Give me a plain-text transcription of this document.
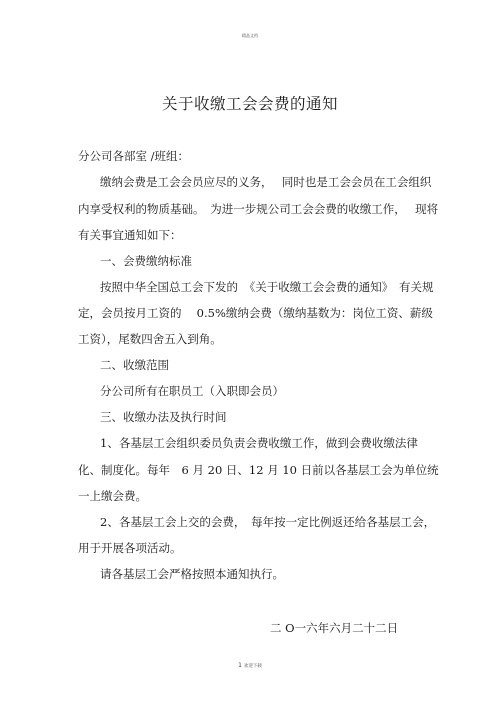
精品文档
关于收缴工会会费的通知
分公司各部室 /班组：
缴纳会费是工会会员应尽的义务，　 同时也是工会会员在工会组织
内享受权利的物质基础。　为进一步规公司工会会费的收缴工作，　 现将
有关事宜通知如下：
一、会费缴纳标准
按照中华全国总工会下发的　《关于收缴工会会费的通知》　有关规
定，会员按月工资的　 0.5%缴纳会费（缴纳基数为：岗位工资、薪级
工资），尾数四舍五入到角。
二、收缴范围
分公司所有在职员工（入职即会员）
三、收缴办法及执行时间
1、各基层工会组织委员负责会费收缴工作，做到会费收缴法律
化、制度化。每年　6 月 20 日、12 月 10 日前以各基层工会为单位统
一上缴会费。
2、各基层工会上交的会费，　每年按一定比例返还给各基层工会，
用于开展各项活动。
请各基层工会严格按照本通知执行。
二 O一六年六月二十二日
1 欢迎下载
